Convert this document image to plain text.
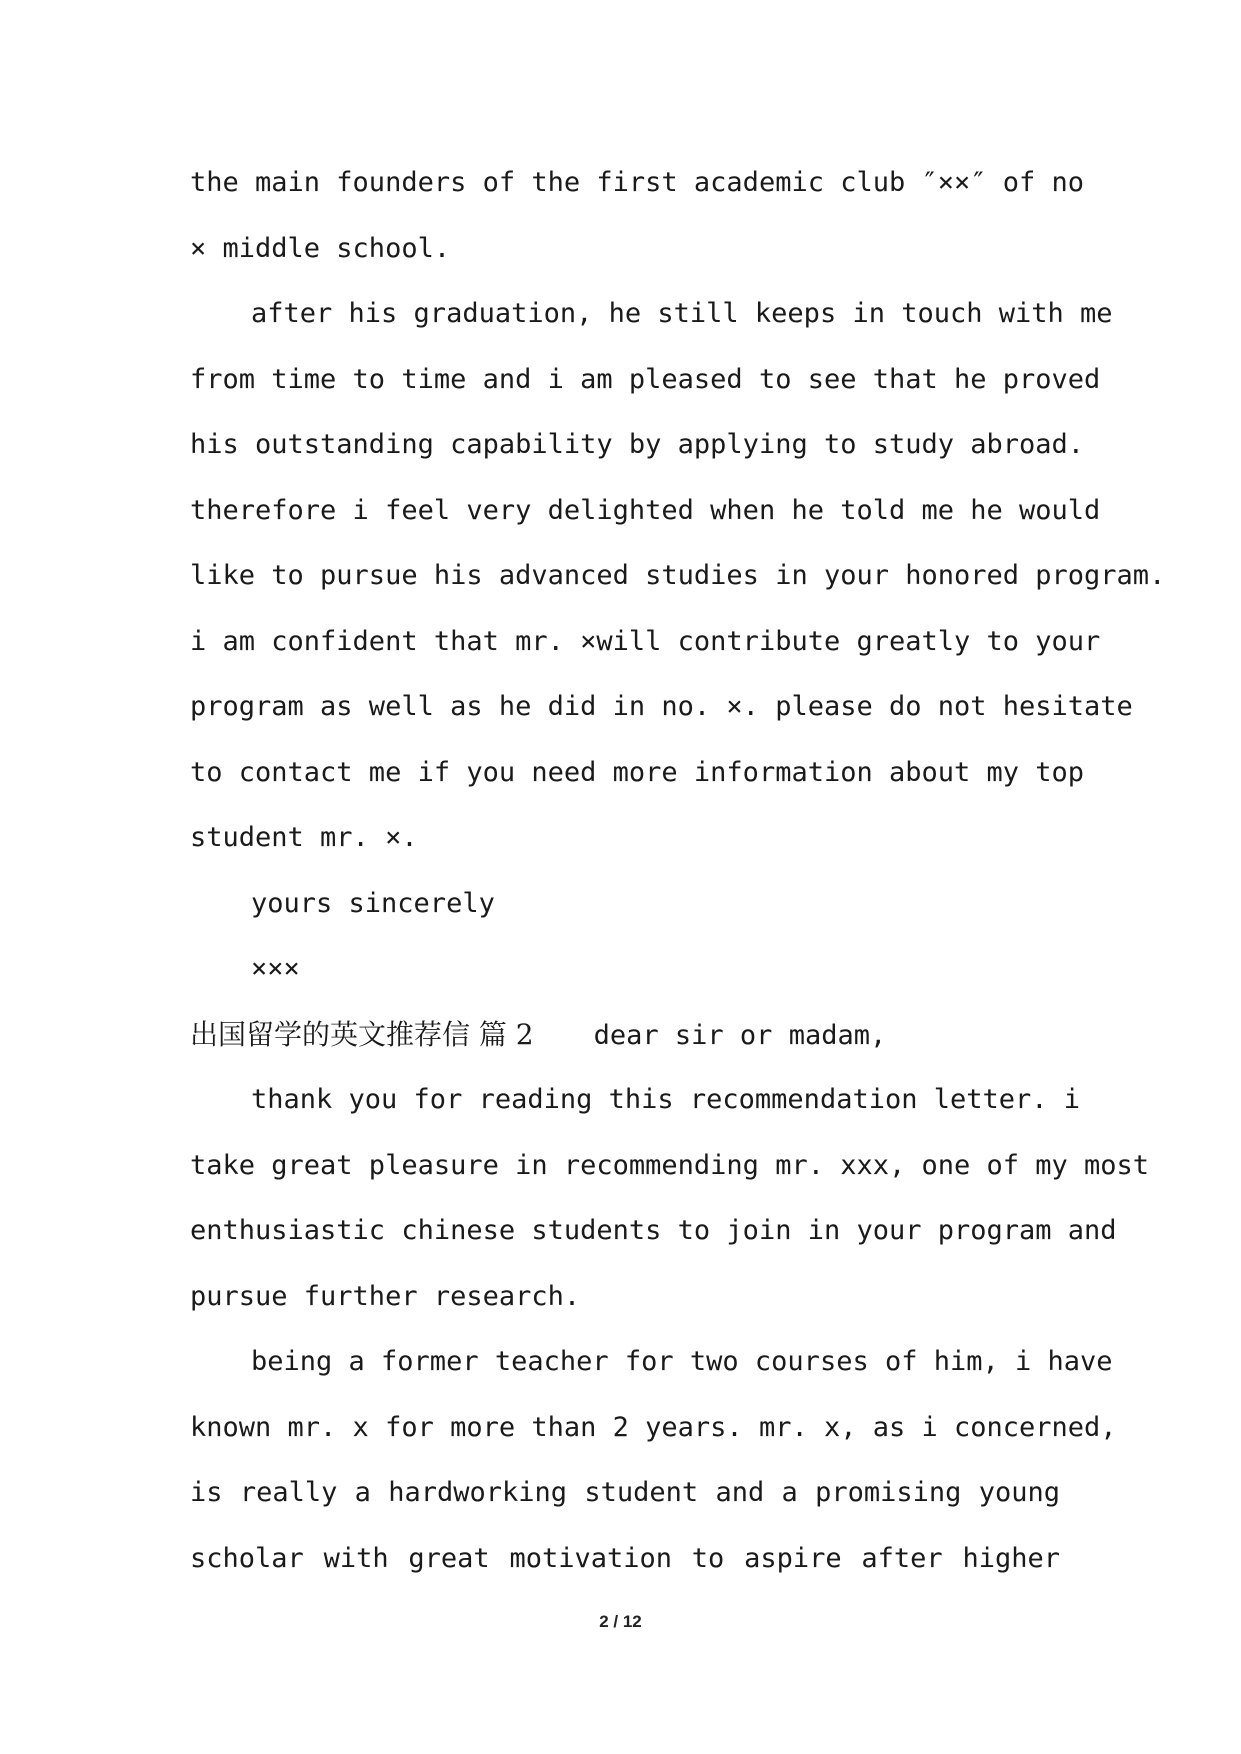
the main founders of the first academic club ″××″ of no
× middle school.
after his graduation, he still keeps in touch with me
from time to time and i am pleased to see that he proved
his outstanding capability by applying to study abroad.
therefore i feel very delighted when he told me he would
like to pursue his advanced studies in your honored program.
i am confident that mr. ×will contribute greatly to your
program as well as he did in no. ×. please do not hesitate
to contact me if you need more information about my top
student mr. ×.
yours sincerely
×××
出国留学的英文推荐信 篇 2 dear sir or madam,
thank you for reading this recommendation letter. i
take great pleasure in recommending mr. xxx, one of my most
enthusiastic chinese students to join in your program and
pursue further research.
being a former teacher for two courses of him, i have
known mr. x for more than 2 years. mr. x, as i concerned,
is really a hardworking student and a promising young
scholar with great motivation to aspire after higher
2 / 12
